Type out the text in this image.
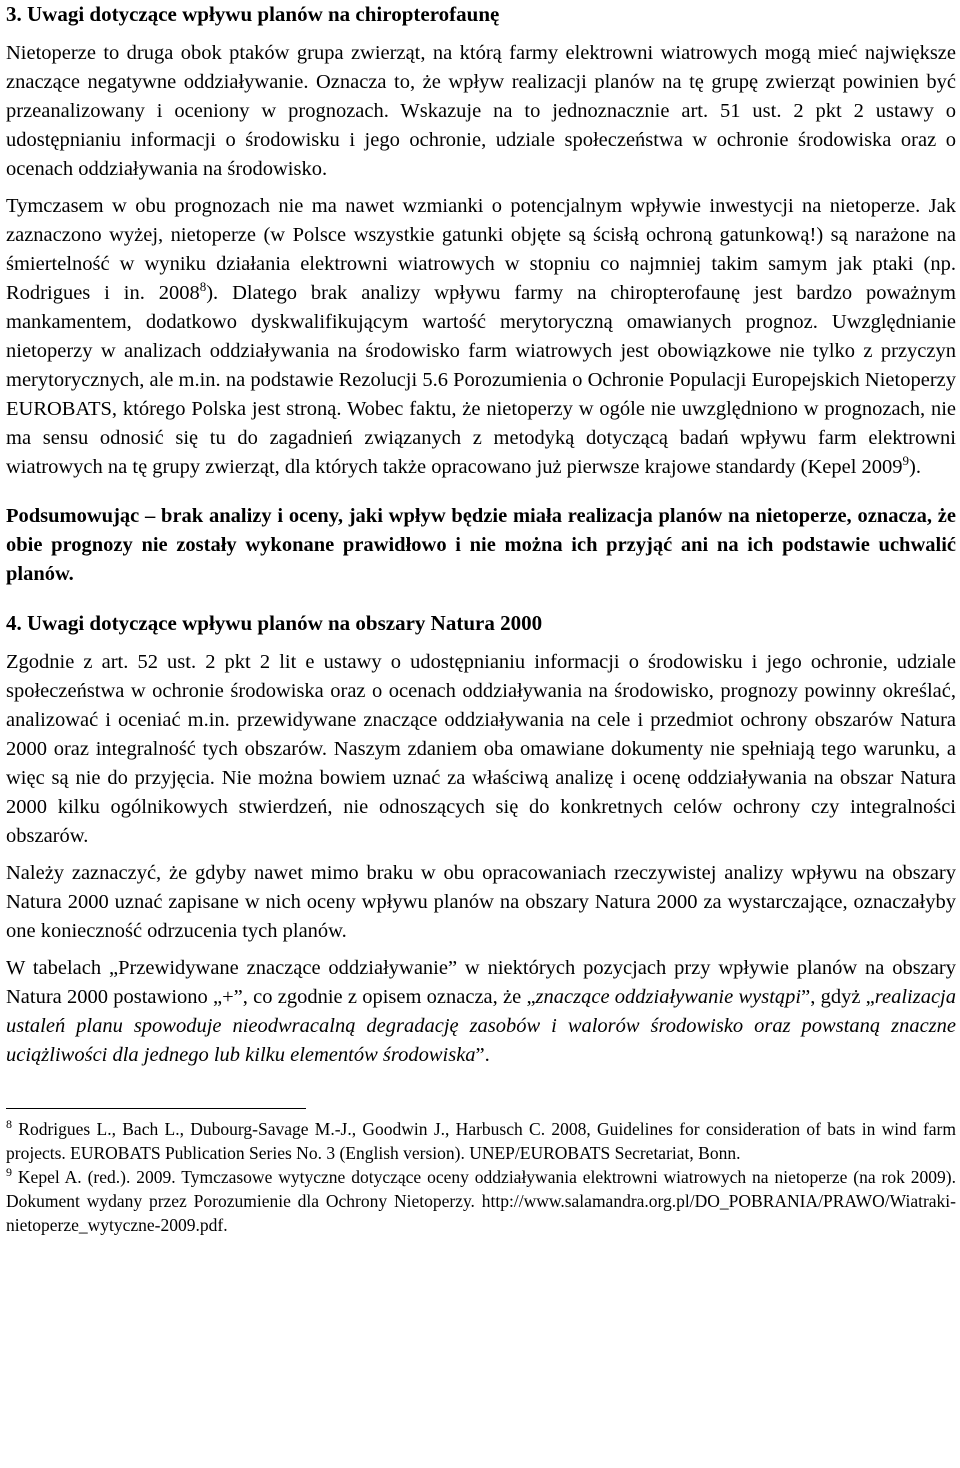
3. Uwagi dotyczące wpływu planów na chiropterofaunę

Nietoperze to druga obok ptaków grupa zwierząt, na którą farmy elektrowni wiatrowych mogą mieć największe znaczące negatywne oddziaływanie. Oznacza to, że wpływ realizacji planów na tę grupę zwierząt powinien być przeanalizowany i oceniony w prognozach. Wskazuje na to jednoznacznie art. 51 ust. 2 pkt 2 ustawy o udostępnianiu informacji o środowisku i jego ochronie, udziale społeczeństwa w ochronie środowiska oraz o ocenach oddziaływania na środowisko.

Tymczasem w obu prognozach nie ma nawet wzmianki o potencjalnym wpływie inwestycji na nietoperze. Jak zaznaczono wyżej, nietoperze (w Polsce wszystkie gatunki objęte są ścisłą ochroną gatunkową!) są narażone na śmiertelność w wyniku działania elektrowni wiatrowych w stopniu co najmniej takim samym jak ptaki (np. Rodrigues i in. 2008$^8$). Dlatego brak analizy wpływu farmy na chiropterofaunę jest bardzo poważnym mankamentem, dodatkowo dyskwalifikującym wartość merytoryczną omawianych prognoz. Uwzględnianie nietoperzy w analizach oddziaływania na środowisko farm wiatrowych jest obowiązkowe nie tylko z przyczyn merytorycznych, ale m.in. na podstawie Rezolucji 5.6 Porozumienia o Ochronie Populacji Europejskich Nietoperzy EUROBATS, którego Polska jest stroną. Wobec faktu, że nietoperzy w ogóle nie uwzględniono w prognozach, nie ma sensu odnosić się tu do zagadnień związanych z metodyką dotyczącą badań wpływu farm elektrowni wiatrowych na tę grupy zwierząt, dla których także opracowano już pierwsze krajowe standardy (Kepel 2009$^9$).

Podsumowując – brak analizy i oceny, jaki wpływ będzie miała realizacja planów na nietoperze, oznacza, że obie prognozy nie zostały wykonane prawidłowo i nie można ich przyjąć ani na ich podstawie uchwalić planów.

4. Uwagi dotyczące wpływu planów na obszary Natura 2000

Zgodnie z art. 52 ust. 2 pkt 2 lit e ustawy o udostępnianiu informacji o środowisku i jego ochronie, udziale społeczeństwa w ochronie środowiska oraz o ocenach oddziaływania na środowisko, prognozy powinny określać, analizować i oceniać m.in. przewidywane znaczące oddziaływania na cele i przedmiot ochrony obszarów Natura 2000 oraz integralność tych obszarów. Naszym zdaniem oba omawiane dokumenty nie spełniają tego warunku, a więc są nie do przyjęcia. Nie można bowiem uznać za właściwą analizę i ocenę oddziaływania na obszar Natura 2000 kilku ogólnikowych stwierdzeń, nie odnoszących się do konkretnych celów ochrony czy integralności obszarów.

Należy zaznaczyć, że gdyby nawet mimo braku w obu opracowaniach rzeczywistej analizy wpływu na obszary Natura 2000 uznać zapisane w nich oceny wpływu planów na obszary Natura 2000 za wystarczające, oznaczałyby one konieczność odrzucenia tych planów.

W tabelach „Przewidywane znaczące oddziaływanie” w niektórych pozycjach przy wpływie planów na obszary Natura 2000 postawiono „+”, co zgodnie z opisem oznacza, że „znaczące oddziaływanie wystąpi”, gdyż „realizacja ustaleń planu spowoduje nieodwracalną degradację zasobów i walorów środowisko oraz powstaną znaczne uciążliwości dla jednego lub kilku elementów środowiska”.

$^8$ Rodrigues L., Bach L., Dubourg-Savage M.-J., Goodwin J., Harbusch C. 2008, Guidelines for consideration of bats in wind farm projects. EUROBATS Publication Series No. 3 (English version). UNEP/EUROBATS Secretariat, Bonn.

$^9$ Kepel A. (red.). 2009. Tymczasowe wytyczne dotyczące oceny oddziaływania elektrowni wiatrowych na nietoperze (na rok 2009). Dokument wydany przez Porozumienie dla Ochrony Nietoperzy. http://www.salamandra.org.pl/DO_POBRANIA/PRAWO/Wiatraki-nietoperze_wytyczne-2009.pdf.
